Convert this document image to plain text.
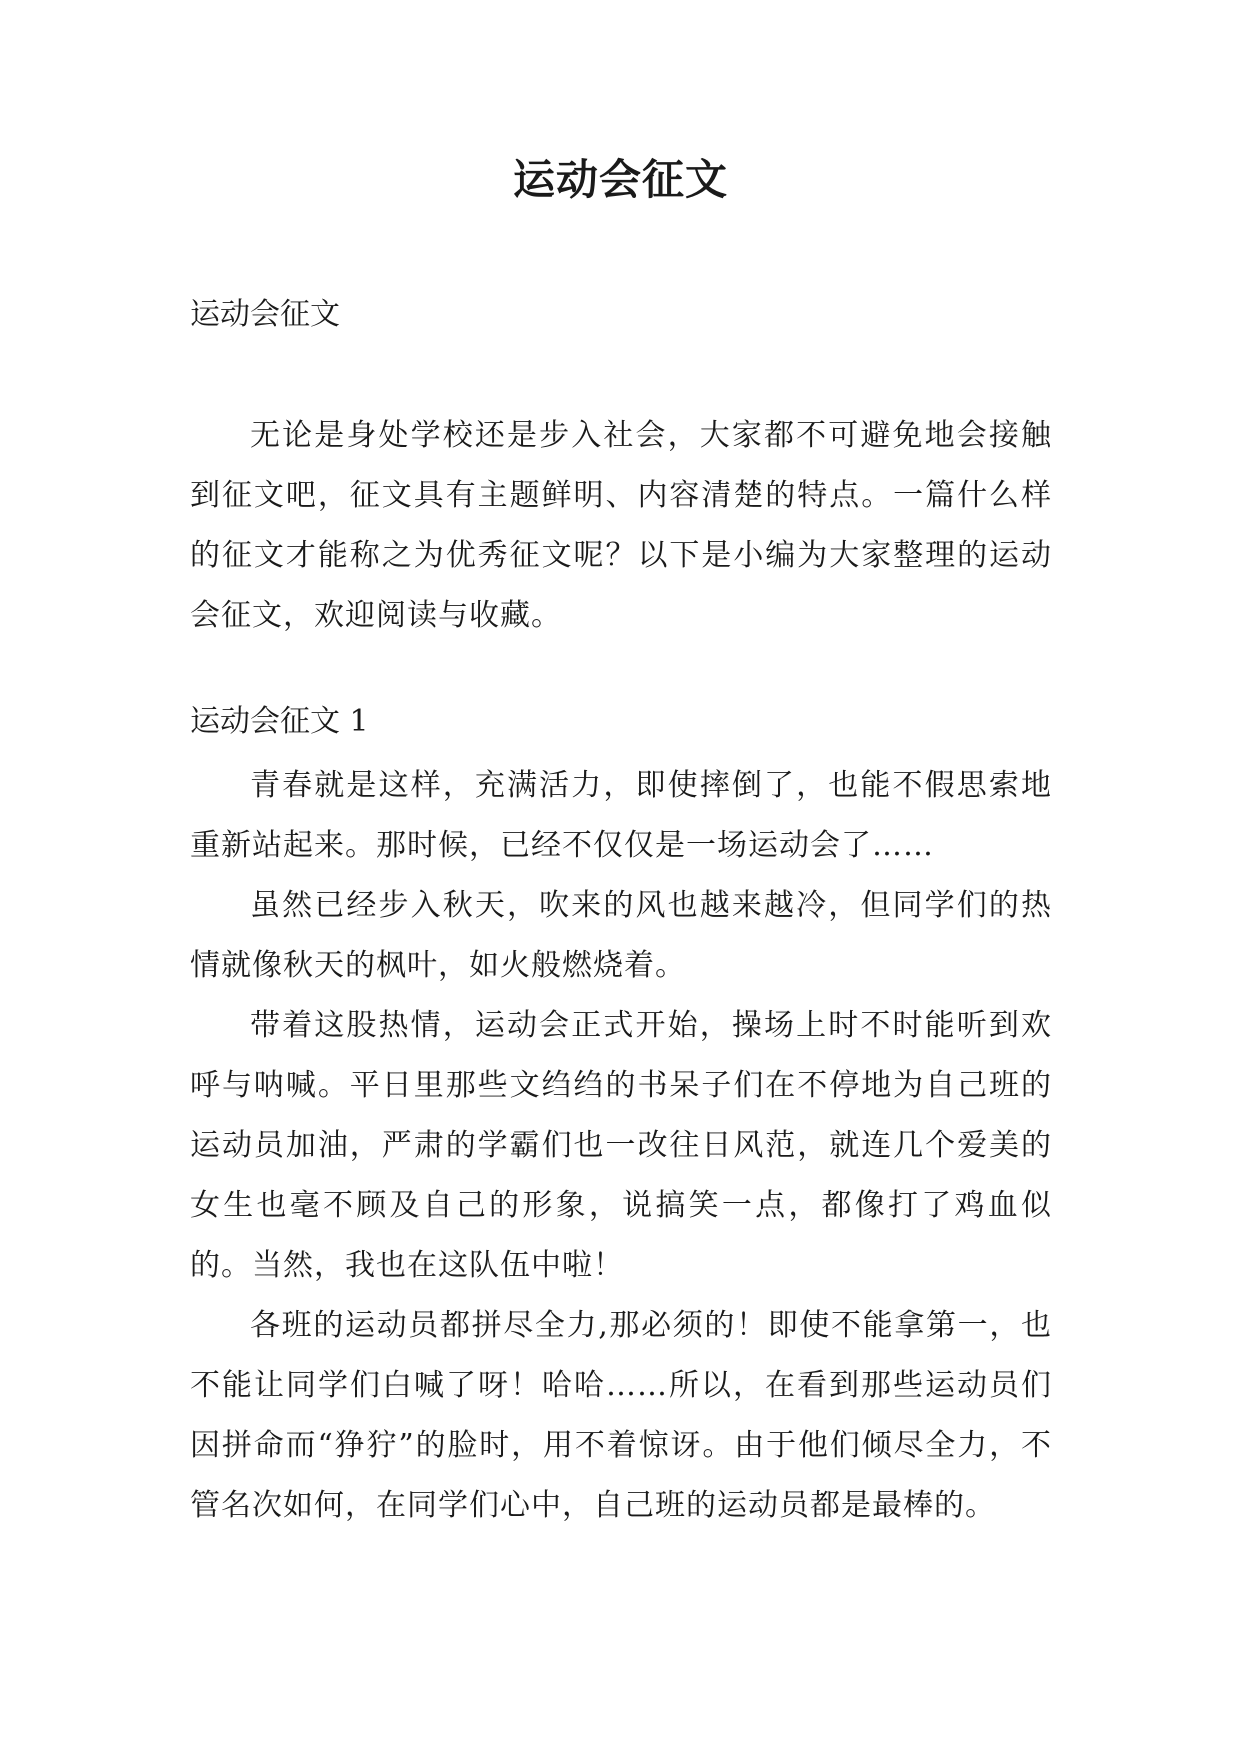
运动会征文

运动会征文

无论是身处学校还是步入社会，大家都不可避免地会接触到征文吧，征文具有主题鲜明、内容清楚的特点。一篇什么样的征文才能称之为优秀征文呢？以下是小编为大家整理的运动会征文，欢迎阅读与收藏。

运动会征文 1

青春就是这样，充满活力，即使摔倒了，也能不假思索地重新站起来。那时候，已经不仅仅是一场运动会了……

虽然已经步入秋天，吹来的风也越来越冷，但同学们的热情就像秋天的枫叶，如火般燃烧着。

带着这股热情，运动会正式开始，操场上时不时能听到欢呼与呐喊。平日里那些文绉绉的书呆子们在不停地为自己班的运动员加油，严肃的学霸们也一改往日风范，就连几个爱美的女生也毫不顾及自己的形象，说搞笑一点，都像打了鸡血似的。当然，我也在这队伍中啦！

各班的运动员都拼尽全力,那必须的！即使不能拿第一，也不能让同学们白喊了呀！哈哈……所以，在看到那些运动员们因拼命而“狰狞”的脸时，用不着惊讶。由于他们倾尽全力，不管名次如何，在同学们心中，自己班的运动员都是最棒的。
